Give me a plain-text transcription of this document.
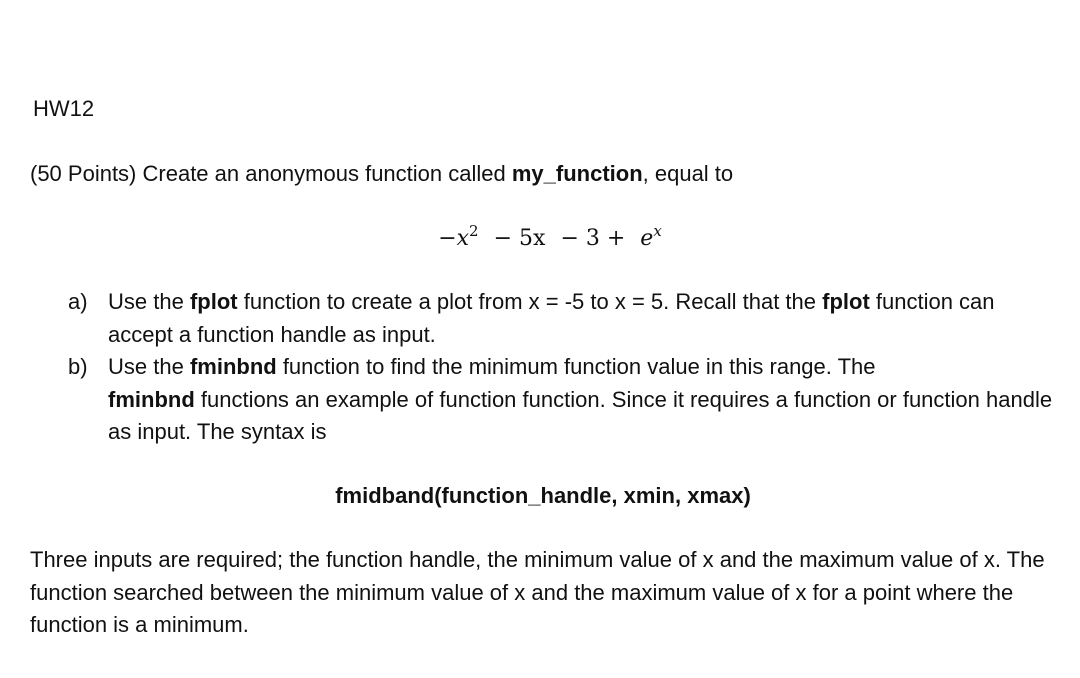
HW12
(50 Points) Create an anonymous function called my_function, equal to
$-x^2 - 5x - 3 + e^x$
a) Use the fplot function to create a plot from x = -5 to x = 5. Recall that the fplot function can accept a function handle as input.
b) Use the fminbnd function to find the minimum function value in this range. The
fminbnd functions an example of function function. Since it requires a function or function handle as input. The syntax is
fmidband(function_handle, xmin, xmax)
Three inputs are required; the function handle, the minimum value of x and the maximum value of x. The function searched between the minimum value of x and the maximum value of x for a point where the function is a minimum.
